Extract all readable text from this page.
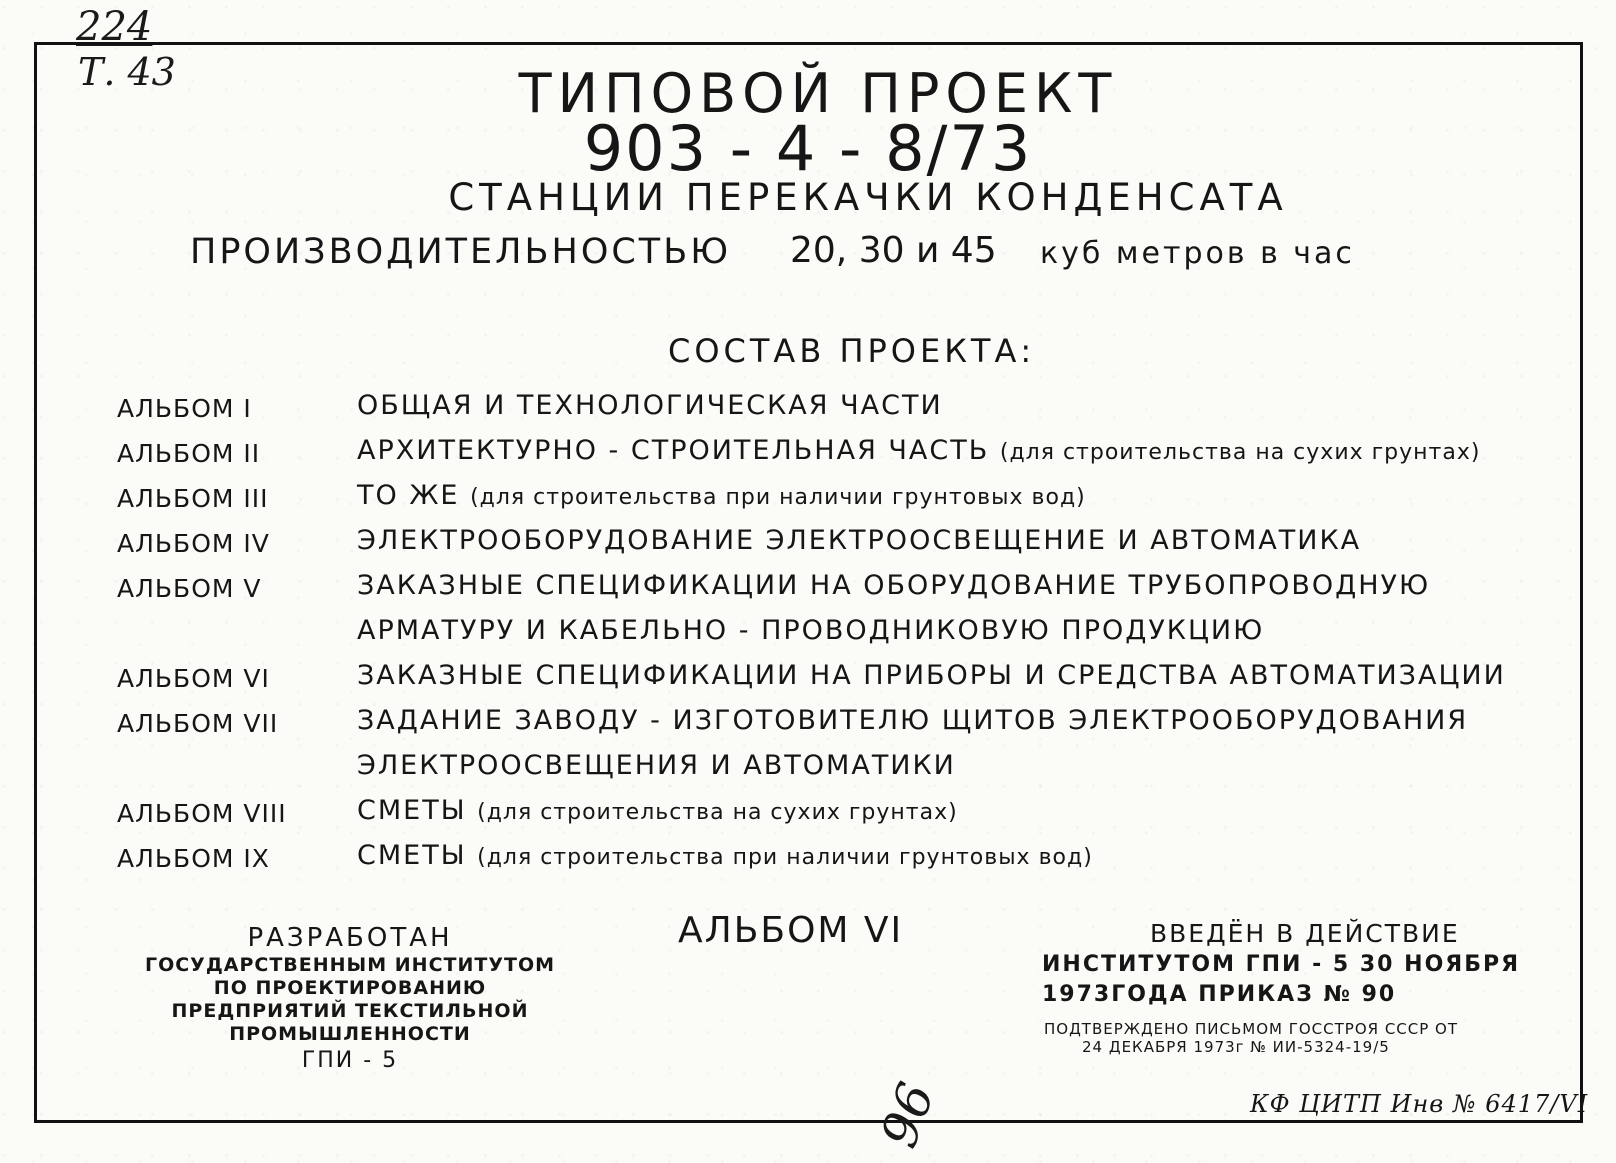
224
Т. 43	ТИПОВОЙ ПРОЕКТ
903 - 4 - 8/73
СТАНЦИИ ПЕРЕКАЧКИ КОНДЕНСАТА
ПРОИЗВОДИТЕЛЬНОСТЬЮ 20, 30 и 45 куб метров в час
СОСТАВ ПРОЕКТА:
АЛЬБОМ I	ОБЩАЯ И ТЕХНОЛОГИЧЕСКАЯ ЧАСТИ
АЛЬБОМ II	АРХИТЕКТУРНО - СТРОИТЕЛЬНАЯ ЧАСТЬ (для строительства на сухих грунтах)
АЛЬБОМ III	ТО ЖЕ (для строительства при наличии грунтовых вод)
АЛЬБОМ IV	ЭЛЕКТРООБОРУДОВАНИЕ ЭЛЕКТРООСВЕЩЕНИЕ И АВТОМАТИКА
АЛЬБОМ V	ЗАКАЗНЫЕ СПЕЦИФИКАЦИИ НА ОБОРУДОВАНИЕ ТРУБОПРОВОДНУЮ
АРМАТУРУ И КАБЕЛЬНО - ПРОВОДНИКОВУЮ ПРОДУКЦИЮ
АЛЬБОМ VI	ЗАКАЗНЫЕ СПЕЦИФИКАЦИИ НА ПРИБОРЫ И СРЕДСТВА АВТОМАТИЗАЦИИ
АЛЬБОМ VII	ЗАДАНИЕ ЗАВОДУ - ИЗГОТОВИТЕЛЮ ЩИТОВ ЭЛЕКТРООБОРУДОВАНИЯ
ЭЛЕКТРООСВЕЩЕНИЯ И АВТОМАТИКИ
АЛЬБОМ VIII	СМЕТЫ (для строительства на сухих грунтах)
АЛЬБОМ IX	СМЕТЫ (для строительства при наличии грунтовых вод)
РАЗРАБОТАН
ГОСУДАРСТВЕННЫМ ИНСТИТУТОМ
ПО ПРОЕКТИРОВАНИЮ
ПРЕДПРИЯТИЙ ТЕКСТИЛЬНОЙ
ПРОМЫШЛЕННОСТИ
ГПИ - 5
АЛЬБОМ VI	ВВЕДЁН В ДЕЙСТВИЕ
ИНСТИТУТОМ ГПИ - 5 30 НОЯБРЯ
1973ГОДА ПРИКАЗ № 90
ПОДТВЕРЖДЕНО ПИСЬМОМ ГОССТРОЯ СССР ОТ
24 ДЕКАБРЯ 1973г № ИИ-5324-19/5
96	КФ ЦИТП Инв № 6417/VI
